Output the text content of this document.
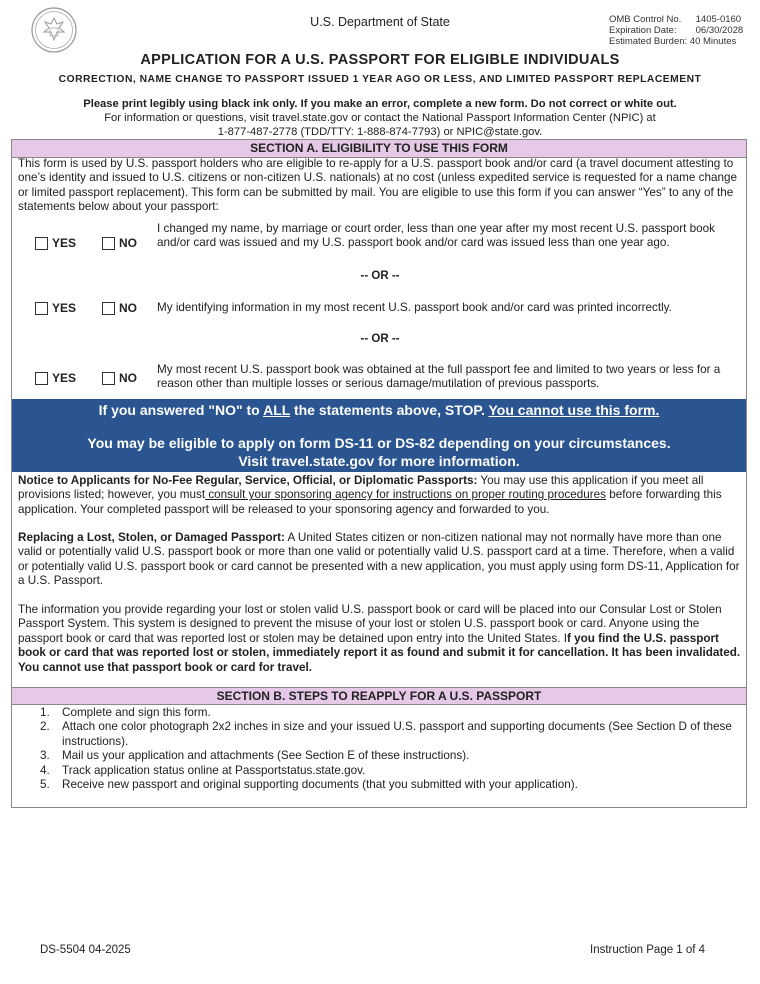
U.S. Department of State	OMB Control No. 1405-0160
Expiration Date: 06/30/2028
Estimated Burden: 40 Minutes
APPLICATION FOR A U.S. PASSPORT FOR ELIGIBLE INDIVIDUALS
CORRECTION, NAME CHANGE TO PASSPORT ISSUED 1 YEAR AGO OR LESS, AND LIMITED PASSPORT REPLACEMENT
Please print legibly using black ink only. If you make an error, complete a new form. Do not correct or white out.
For information or questions, visit travel.state.gov or contact the National Passport Information Center (NPIC) at
1-877-487-2778 (TDD/TTY: 1-888-874-7793) or NPIC@state.gov.
SECTION A. ELIGIBILITY TO USE THIS FORM
This form is used by U.S. passport holders who are eligible to re-apply for a U.S. passport book and/or card (a travel document attesting to one’s identity and issued to U.S. citizens or non-citizen U.S. nationals) at no cost (unless expedited service is requested for a name change or limited passport replacement). This form can be submitted by mail. You are eligible to use this form if you can answer “Yes” to any of the statements below about your passport:
YES	NO
I changed my name, by marriage or court order, less than one year after my most recent U.S. passport book and/or card was issued and my U.S. passport book and/or card was issued less than one year ago.
-- OR --
YES	NO My identifying information in my most recent U.S. passport book and/or card was printed incorrectly.
-- OR --
YES	NO
My most recent U.S. passport book was obtained at the full passport fee and limited to two years or less for a reason other than multiple losses or serious damage/mutilation of previous passports.
If you answered "NO" to ALL the statements above, STOP. You cannot use this form.
You may be eligible to apply on form DS-11 or DS-82 depending on your circumstances.
Visit travel.state.gov for more information.
Notice to Applicants for No-Fee Regular, Service, Official, or Diplomatic Passports: You may use this application if you meet all provisions listed; however, you must consult your sponsoring agency for instructions on proper routing procedures before forwarding this application. Your completed passport will be released to your sponsoring agency and forwarded to you.
Replacing a Lost, Stolen, or Damaged Passport: A United States citizen or non-citizen national may not normally have more than one valid or potentially valid U.S. passport book or more than one valid or potentially valid U.S. passport card at a time. Therefore, when a valid or potentially valid U.S. passport book or card cannot be presented with a new application, you must apply using form DS-11, Application for a U.S. Passport.
The information you provide regarding your lost or stolen valid U.S. passport book or card will be placed into our Consular Lost or Stolen Passport System. This system is designed to prevent the misuse of your lost or stolen U.S. passport book or card. Anyone using the passport book or card that was reported lost or stolen may be detained upon entry into the United States. If you find the U.S. passport book or card that was reported lost or stolen, immediately report it as found and submit it for cancellation. It has been invalidated. You cannot use that passport book or card for travel.
SECTION B. STEPS TO REAPPLY FOR A U.S. PASSPORT
1. Complete and sign this form.
2. Attach one color photograph 2x2 inches in size and your issued U.S. passport and supporting documents (See Section D of these instructions).
3. Mail us your application and attachments (See Section E of these instructions).
4. Track application status online at Passportstatus.state.gov.
5. Receive new passport and original supporting documents (that you submitted with your application).
DS-5504 04-2025	Instruction Page 1 of 4
